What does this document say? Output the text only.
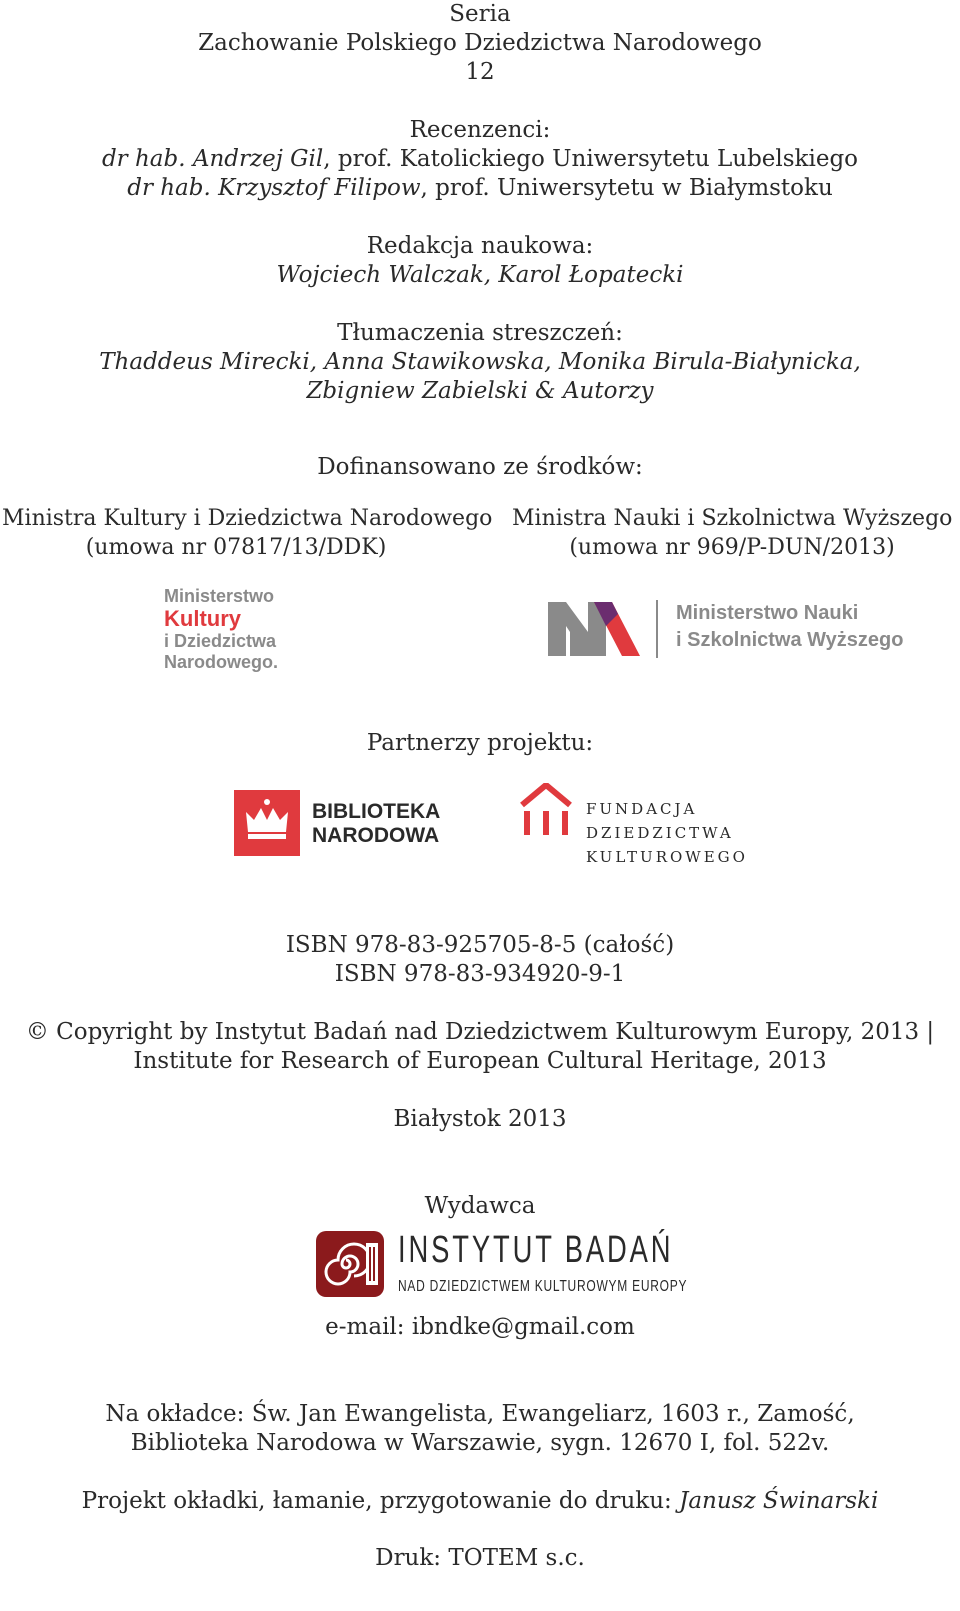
Seria
Zachowanie Polskiego Dziedzictwa Narodowego
12
Recenzenci:
dr hab. Andrzej Gil, prof. Katolickiego Uniwersytetu Lubelskiego
dr hab. Krzysztof Filipow, prof. Uniwersytetu w Białymstoku
Redakcja naukowa:
Wojciech Walczak, Karol Łopatecki
Tłumaczenia streszczeń:
Thaddeus Mirecki, Anna Stawikowska, Monika Birula-Białynicka,
Zbigniew Zabielski & Autorzy
Dofinansowano ze środków:
Ministra Kultury i Dziedzictwa Narodowego
(umowa nr 07817/13/DDK)
Ministra Nauki i Szkolnictwa Wyższego
(umowa nr 969/P-DUN/2013)
Ministerstwo
Kultury
i Dziedzictwa
Narodowego.
Ministerstwo Nauki
i Szkolnictwa Wyższego
Partnerzy projektu:
BIBLIOTEKA
NARODOWA
FUNDACJA
DZIEDZICTWA
KULTUROWEGO
ISBN 978-83-925705-8-5 (całość)
ISBN 978-83-934920-9-1
© Copyright by Instytut Badań nad Dziedzictwem Kulturowym Europy, 2013 |
Institute for Research of European Cultural Heritage, 2013
Białystok 2013
Wydawca
INSTYTUT BADAŃ
NAD DZIEDZICTWEM KULTUROWYM EUROPY
e-mail: ibndke@gmail.com
Na okładce: Św. Jan Ewangelista, Ewangeliarz, 1603 r., Zamość,
Biblioteka Narodowa w Warszawie, sygn. 12670 I, fol. 522v.
Projekt okładki, łamanie, przygotowanie do druku: Janusz Świnarski
Druk: TOTEM s.c.
